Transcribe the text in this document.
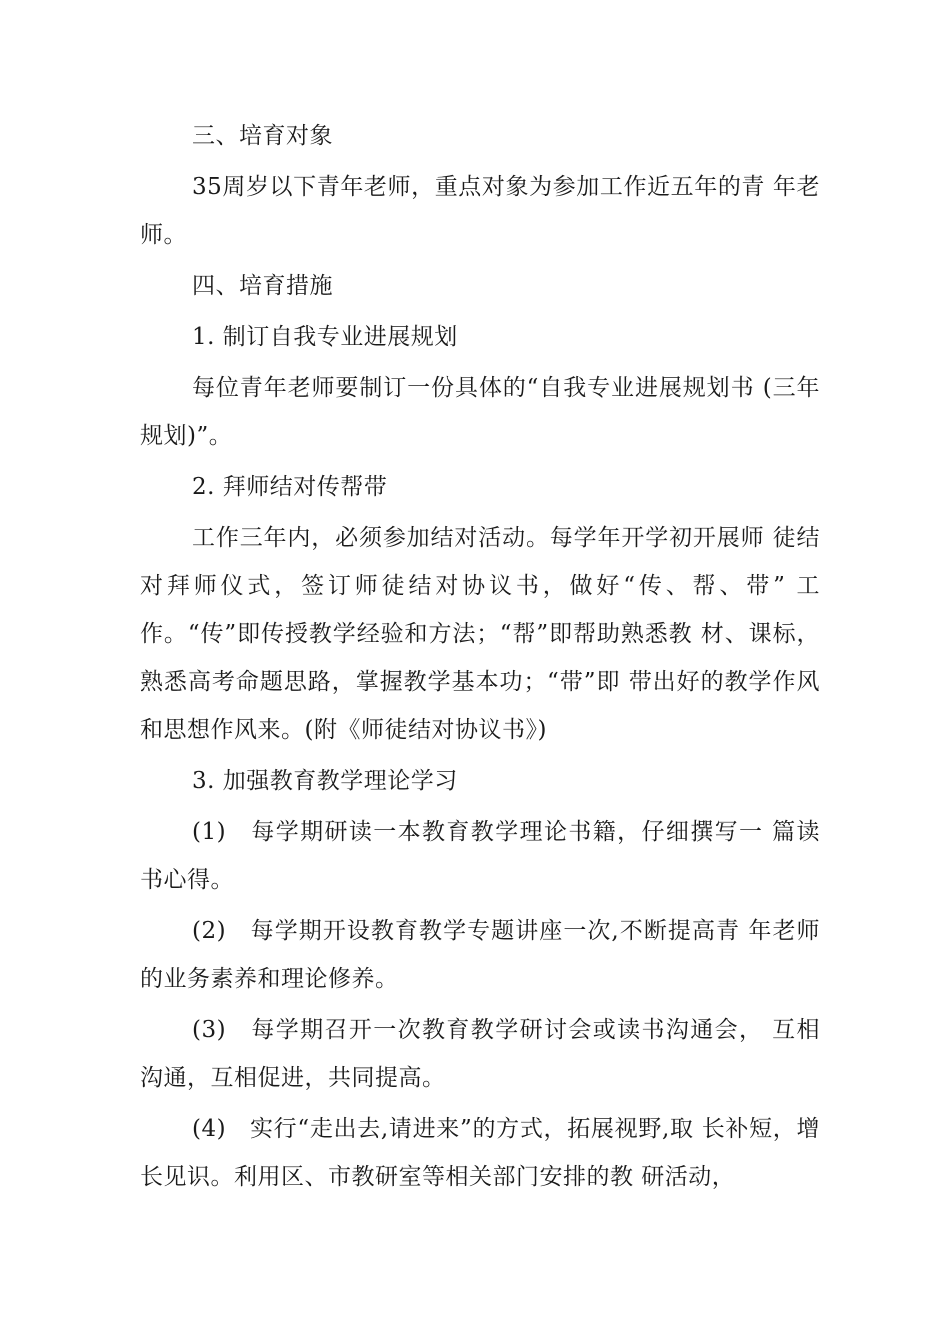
三、培育对象

35周岁以下青年老师，重点对象为参加工作近五年的青 年老师。

四、培育措施

1. 制订自我专业进展规划

每位青年老师要制订一份具体的“自我专业进展规划书 (三年规划)”。

2. 拜师结对传帮带

工作三年内，必须参加结对活动。每学年开学初开展师 徒结对拜师仪式，签订师徒结对协议书，做好“传、帮、带” 工作。“传”即传授教学经验和方法；“帮”即帮助熟悉教 材、课标，熟悉高考命题思路，掌握教学基本功；“带”即 带出好的教学作风和思想作风来。(附《师徒结对协议书》)

3. 加强教育教学理论学习

(1)　每学期研读一本教育教学理论书籍，仔细撰写一 篇读书心得。

(2)　每学期开设教育教学专题讲座一次,不断提高青 年老师的业务素养和理论修养。

(3)　每学期召开一次教育教学研讨会或读书沟通会， 互相沟通，互相促进，共同提高。

(4)　实行“走出去,请进来”的方式，拓展视野,取 长补短，增长见识。利用区、市教研室等相关部门安排的教 研活动，
